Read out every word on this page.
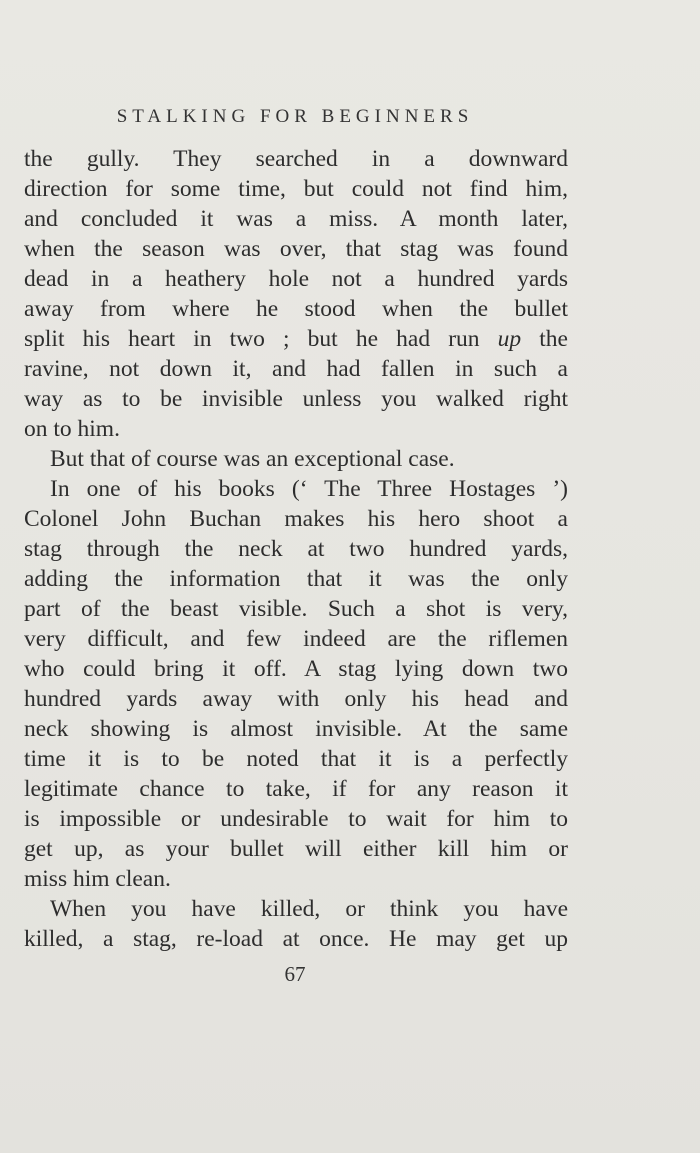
STALKING FOR BEGINNERS
the gully. They searched in a downward
direction for some time, but could not find him,
and concluded it was a miss. A month later,
when the season was over, that stag was found
dead in a heathery hole not a hundred yards
away from where he stood when the bullet
split his heart in two ; but he had run up the
ravine, not down it, and had fallen in such a
way as to be invisible unless you walked right
on to him.
But that of course was an exceptional case.
In one of his books (‘ The Three Hostages ’)
Colonel John Buchan makes his hero shoot a
stag through the neck at two hundred yards,
adding the information that it was the only
part of the beast visible. Such a shot is very,
very difficult, and few indeed are the riflemen
who could bring it off. A stag lying down two
hundred yards away with only his head and
neck showing is almost invisible. At the same
time it is to be noted that it is a perfectly
legitimate chance to take, if for any reason it
is impossible or undesirable to wait for him to
get up, as your bullet will either kill him or
miss him clean.
When you have killed, or think you have
killed, a stag, re-load at once. He may get up
67
